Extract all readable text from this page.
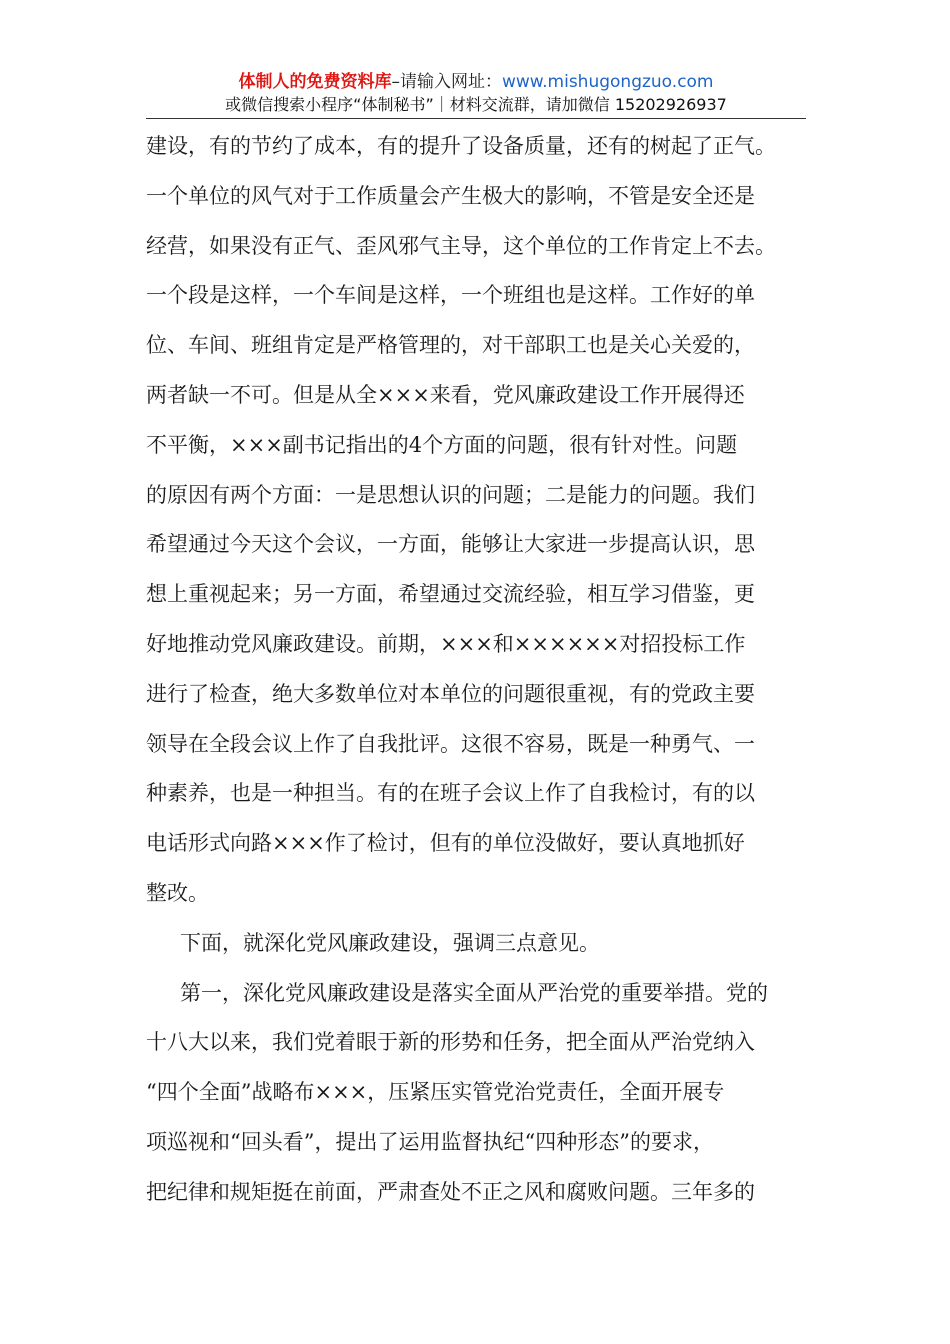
体制人的免费资料库–请输入网址：www.mishugongzuo.com
或微信搜索小程序“体制秘书”｜材料交流群，请加微信 15202926937
建设，有的节约了成本，有的提升了设备质量，还有的树起了正气。
一个单位的风气对于工作质量会产生极大的影响，不管是安全还是
经营，如果没有正气、歪风邪气主导，这个单位的工作肯定上不去。
一个段是这样，一个车间是这样，一个班组也是这样。工作好的单
位、车间、班组肯定是严格管理的，对干部职工也是关心关爱的，
两者缺一不可。但是从全×××来看，党风廉政建设工作开展得还
不平衡，×××副书记指出的4个方面的问题，很有针对性。问题
的原因有两个方面：一是思想认识的问题；二是能力的问题。我们
希望通过今天这个会议，一方面，能够让大家进一步提高认识，思
想上重视起来；另一方面，希望通过交流经验，相互学习借鉴，更
好地推动党风廉政建设。前期，×××和××××××对招投标工作
进行了检查，绝大多数单位对本单位的问题很重视，有的党政主要
领导在全段会议上作了自我批评。这很不容易，既是一种勇气、一
种素养，也是一种担当。有的在班子会议上作了自我检讨，有的以
电话形式向路×××作了检讨，但有的单位没做好，要认真地抓好
整改。
下面，就深化党风廉政建设，强调三点意见。
第一，深化党风廉政建设是落实全面从严治党的重要举措。党的
十八大以来，我们党着眼于新的形势和任务，把全面从严治党纳入
“四个全面”战略布×××，压紧压实管党治党责任，全面开展专
项巡视和“回头看”，提出了运用监督执纪“四种形态”的要求，
把纪律和规矩挺在前面，严肃查处不正之风和腐败问题。三年多的
